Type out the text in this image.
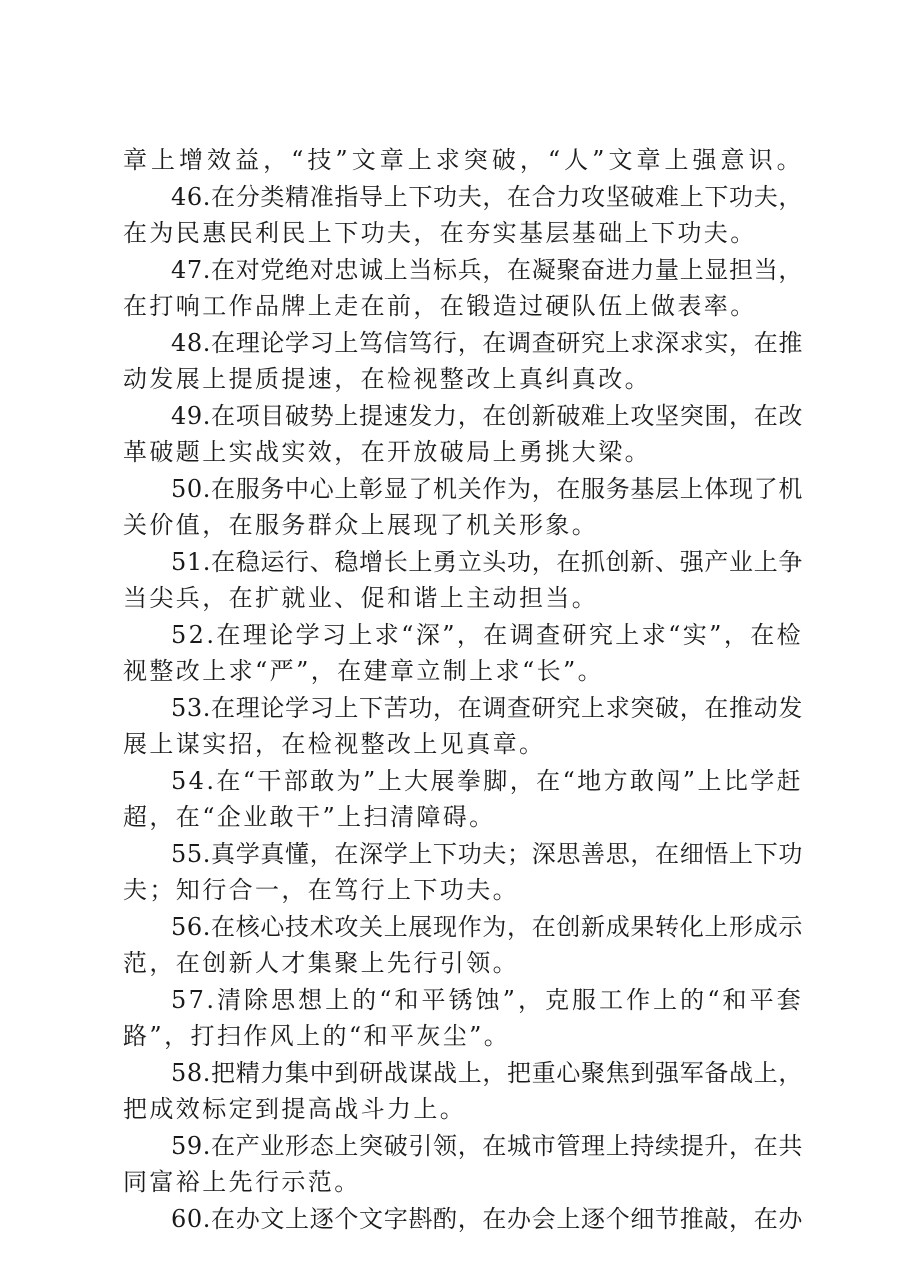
章上增效益，“技”文章上求突破，“人”文章上强意识。

46.在分类精准指导上下功夫，在合力攻坚破难上下功夫，
在为民惠民利民上下功夫，在夯实基层基础上下功夫。

47.在对党绝对忠诚上当标兵，在凝聚奋进力量上显担当，
在打响工作品牌上走在前，在锻造过硬队伍上做表率。

48.在理论学习上笃信笃行，在调查研究上求深求实，在推
动发展上提质提速，在检视整改上真纠真改。

49.在项目破势上提速发力，在创新破难上攻坚突围，在改
革破题上实战实效，在开放破局上勇挑大梁。

50.在服务中心上彰显了机关作为，在服务基层上体现了机
关价值，在服务群众上展现了机关形象。

51.在稳运行、稳增长上勇立头功，在抓创新、强产业上争
当尖兵，在扩就业、促和谐上主动担当。

52.在理论学习上求“深”，在调查研究上求“实”，在检
视整改上求“严”，在建章立制上求“长”。

53.在理论学习上下苦功，在调查研究上求突破，在推动发
展上谋实招，在检视整改上见真章。

54.在“干部敢为”上大展拳脚，在“地方敢闯”上比学赶
超，在“企业敢干”上扫清障碍。

55.真学真懂，在深学上下功夫；深思善思，在细悟上下功
夫；知行合一，在笃行上下功夫。

56.在核心技术攻关上展现作为，在创新成果转化上形成示
范，在创新人才集聚上先行引领。

57.清除思想上的“和平锈蚀”，克服工作上的“和平套
路”，打扫作风上的“和平灰尘”。

58.把精力集中到研战谋战上，把重心聚焦到强军备战上，
把成效标定到提高战斗力上。

59.在产业形态上突破引领，在城市管理上持续提升，在共
同富裕上先行示范。

60.在办文上逐个文字斟酌，在办会上逐个细节推敲，在办
